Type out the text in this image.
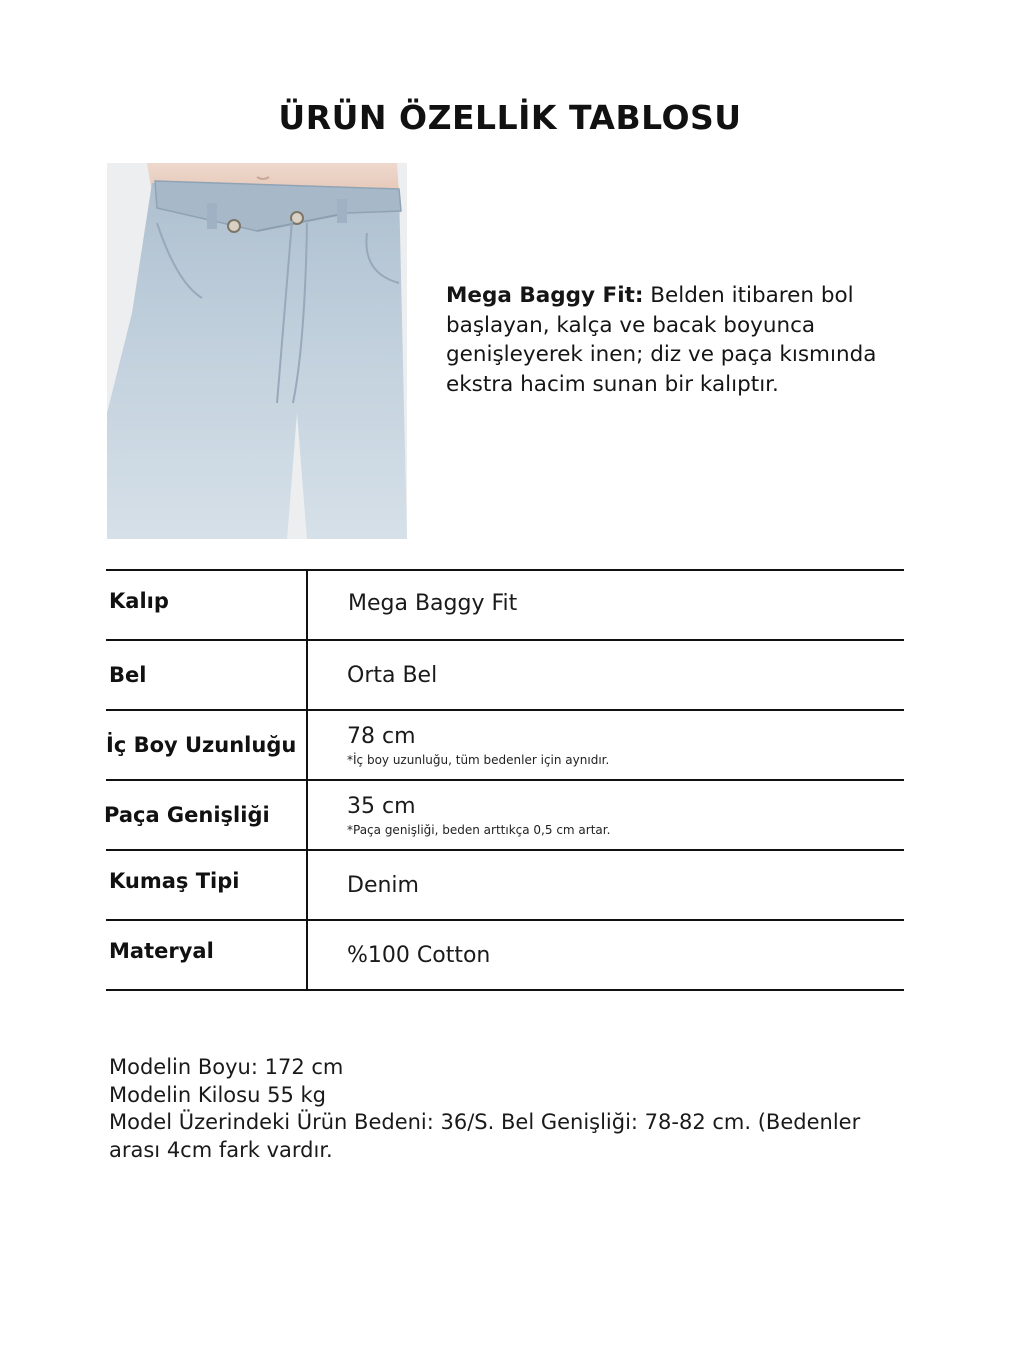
ÜRÜN ÖZELLİK TABLOSU
Mega Baggy Fit: Belden itibaren bol başlayan, kalça ve bacak boyunca genişleyerek inen; diz ve paça kısmında ekstra hacim sunan bir kalıptır.
Kalıp	Mega Baggy Fit
Bel	Orta Bel
İç Boy Uzunluğu 78 cm
*İç boy uzunluğu, tüm bedenler için aynıdır.
Paça Genişliği	35 cm
*Paça genişliği, beden arttıkça 0,5 cm artar.
Kumaş Tipi	Denim
Materyal	%100 Cotton
Modelin Boyu: 172 cm
Modelin Kilosu 55 kg
Model Üzerindeki Ürün Bedeni: 36/S. Bel Genişliği: 78-82 cm. (Bedenler arası 4cm fark vardır.
